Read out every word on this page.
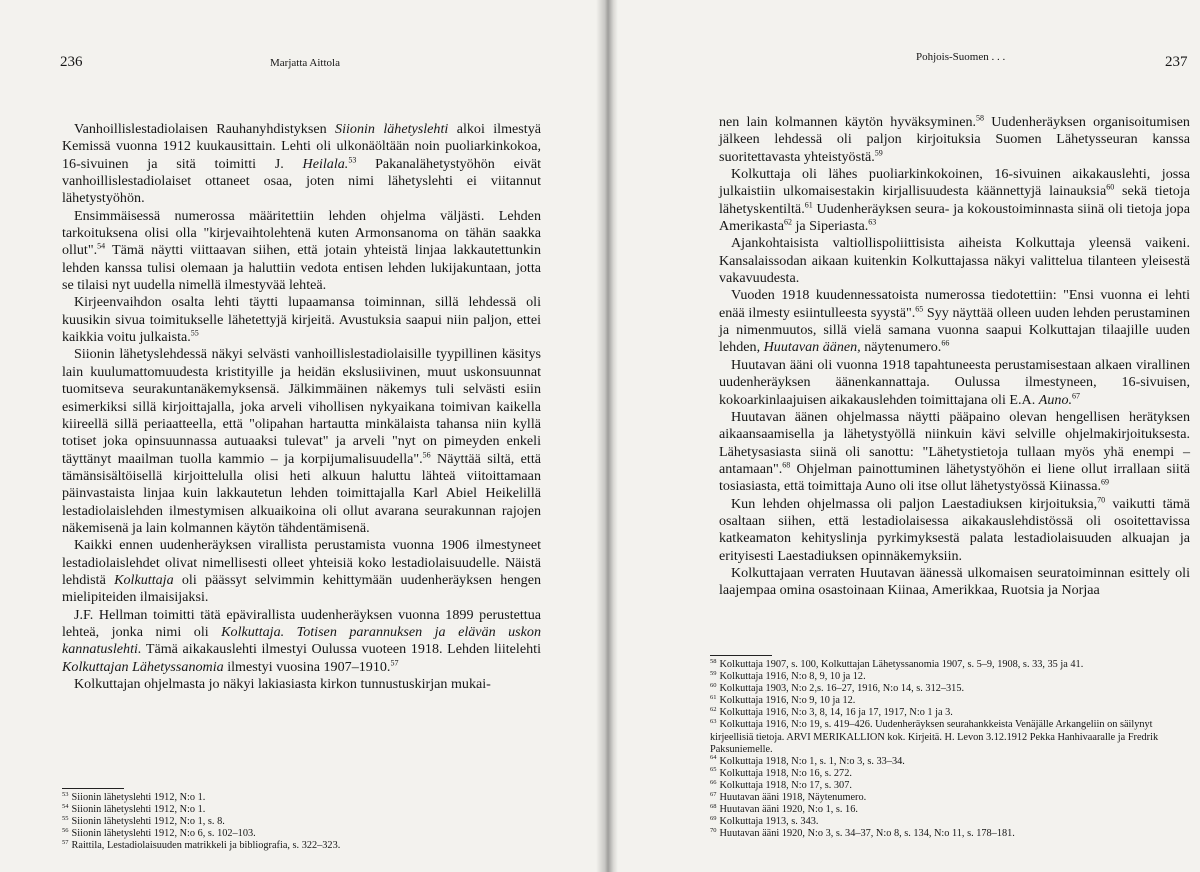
236	Marjatta Aittola

Vanhoillislestadiolaisen Rauhanyhdistyksen Siionin lähetyslehti alkoi ilmestyä Kemissä vuonna 1912 kuukausittain. Lehti oli ulkonäöltään noin puoliarkinkokoa, 16-sivuinen ja sitä toimitti J. Heilala.$^{53}$ Pakanalähetystyöhön eivät vanhoillislestadiolaiset ottaneet osaa, joten nimi lähetyslehti ei viitannut lähetystyöhön.

Ensimmäisessä numerossa määritettiin lehden ohjelma väljästi. Lehden tarkoituksena olisi olla "kirjevaihtolehtenä kuten Armonsanoma on tähän saakka ollut".$^{54}$ Tämä näytti viittaavan siihen, että jotain yhteistä linjaa lakkautettunkin lehden kanssa tulisi olemaan ja haluttiin vedota entisen lehden lukijakuntaan, jotta se tilaisi nyt uudella nimellä ilmestyvää lehteä.

Kirjeenvaihdon osalta lehti täytti lupaamansa toiminnan, sillä lehdessä oli kuusikin sivua toimitukselle lähetettyjä kirjeitä. Avustuksia saapui niin paljon, ettei kaikkia voitu julkaista.$^{55}$

Siionin lähetyslehdessä näkyi selvästi vanhoillislestadiolaisille tyypillinen käsitys lain kuulumattomuudesta kristityille ja heidän ekslusiivinen, muut uskonsuunnat tuomitseva seurakuntanäkemyksensä. Jälkimmäinen näkemys tuli selvästi esiin esimerkiksi sillä kirjoittajalla, joka arveli vihollisen nykyaikana toimivan kaikella kiireellä sillä periaatteella, että "olipahan hartautta minkälaista tahansa niin kyllä totiset joka opinsuunnassa autuaaksi tulevat" ja arveli "nyt on pimeyden enkeli täyttänyt maailman tuolla kammio – ja korpijumalisuudella".$^{56}$ Näyttää siltä, että tämänsisältöisellä kirjoittelulla olisi heti alkuun haluttu lähteä viitoittamaan päinvastaista linjaa kuin lakkautetun lehden toimittajalla Karl Abiel Heikelillä lestadiolaislehden ilmestymisen alkuaikoina oli ollut avarana seurakunnan rajojen näkemisenä ja lain kolmannen käytön tähdentämisenä.

Kaikki ennen uudenheräyksen virallista perustamista vuonna 1906 ilmestyneet lestadiolaislehdet olivat nimellisesti olleet yhteisiä koko lestadiolaisuudelle. Näistä lehdistä Kolkuttaja oli päässyt selvimmin kehittymään uudenheräyksen hengen mielipiteiden ilmaisijaksi.

J.F. Hellman toimitti tätä epävirallista uudenheräyksen vuonna 1899 perustettua lehteä, jonka nimi oli Kolkuttaja. Totisen parannuksen ja elävän uskon kannatuslehti. Tämä aikakauslehti ilmestyi Oulussa vuoteen 1918. Lehden liitelehti Kolkuttajan Lähetyssanomia ilmestyi vuosina 1907–1910.57

Kolkuttajan ohjelmasta jo näkyi lakiasiasta kirkon tunnustuskirjan mukai-

$^{53}$ Siionin lähetyslehti 1912, N:o 1.
$^{54}$ Siionin lähetyslehti 1912, N:o 1.
$^{55}$ Siionin lähetyslehti 1912, N:o 1, s. 8.
$^{56}$ Siionin lähetyslehti 1912, N:o 6, s. 102–103.
$^{57}$ Raittila, Lestadiolaisuuden matrikkeli ja bibliografia, s. 322–323.
Pohjois-Suomen . . .	237

nen lain kolmannen käytön hyväksyminen.$^{58}$ Uudenheräyksen organisoitumisen jälkeen lehdessä oli paljon kirjoituksia Suomen Lähetysseuran kanssa suoritettavasta yhteistyöstä.$^{59}$

Kolkuttaja oli lähes puoliarkinkokoinen, 16-sivuinen aikakauslehti, jossa julkaistiin ulkomaisestakin kirjallisuudesta käännettyjä lainauksia$^{60}$ sekä tietoja lähetyskentiltä.$^{61}$ Uudenheräyksen seura- ja kokoustoiminnasta siinä oli tietoja jopa Amerikasta$^{62}$ ja Siperiasta.$^{63}$

Ajankohtaisista valtiollispoliittisista aiheista Kolkuttaja yleensä vaikeni. Kansalaissodan aikaan kuitenkin Kolkuttajassa näkyi valittelua tilanteen yleisestä vakavuudesta.

Vuoden 1918 kuudennessatoista numerossa tiedotettiin: "Ensi vuonna ei lehti enää ilmesty esiintulleesta syystä".$^{65}$ Syy näyttää olleen uuden lehden perustaminen ja nimenmuutos, sillä vielä samana vuonna saapui Kolkuttajan tilaajille uuden lehden, Huutavan äänen, näytenumero.$^{66}$

Huutavan ääni oli vuonna 1918 tapahtuneesta perustamisestaan alkaen virallinen uudenheräyksen äänenkannattaja. Oulussa ilmestyneen, 16-sivuisen, kokoarkinlaajuisen aikakauslehden toimittajana oli E.A. Auno.$^{67}$

Huutavan äänen ohjelmassa näytti pääpaino olevan hengellisen herätyksen aikaansaamisella ja lähetystyöllä niinkuin kävi selville ohjelmakirjoituksesta. Lähetysasiasta siinä oli sanottu: "Lähetystietoja tullaan myös yhä enempi – antamaan".$^{68}$ Ohjelman painottuminen lähetystyöhön ei liene ollut irrallaan siitä tosiasiasta, että toimittaja Auno oli itse ollut lähetystyössä Kiinassa.$^{69}$

Kun lehden ohjelmassa oli paljon Laestadiuksen kirjoituksia,$^{70}$ vaikutti tämä osaltaan siihen, että lestadiolaisessa aikakauslehdistössä oli osoitettavissa katkeamaton kehityslinja pyrkimyksestä palata lestadiolaisuuden alkuajan ja erityisesti Laestadiuksen opinnäkemyksiin.

Kolkuttajaan verraten Huutavan äänessä ulkomaisen seuratoiminnan esittely oli laajempaa omina osastoinaan Kiinaa, Amerikkaa, Ruotsia ja Norjaa

$^{58}$ Kolkuttaja 1907, s. 100, Kolkuttajan Lähetyssanomia 1907, s. 5–9, 1908, s. 33, 35 ja 41.
$^{59}$ Kolkuttaja 1916, N:o 8, 9, 10 ja 12.
$^{60}$ Kolkuttaja 1903, N:o 2,s. 16–27, 1916, N:o 14, s. 312–315.
$^{61}$ Kolkuttaja 1916, N:o 9, 10 ja 12.
$^{62}$ Kolkuttaja 1916, N:o 3, 8, 14, 16 ja 17, 1917, N:o 1 ja 3.
$^{63}$ Kolkuttaja 1916, N:o 19, s. 419–426. Uudenheräyksen seurahankkeista Venäjälle Arkangeliin on säilynyt kirjeellisiä tietoja. ARVI MERIKALLION kok. Kirjeitä. H. Levon 3.12.1912 Pekka Hanhivaaralle ja Fredrik Paksuniemelle.
$^{64}$ Kolkuttaja 1918, N:o 1, s. 1, N:o 3, s. 33–34.
$^{65}$ Kolkuttaja 1918, N:o 16, s. 272.
$^{66}$ Kolkuttaja 1918, N:o 17, s. 307.
$^{67}$ Huutavan ääni 1918, Näytenumero.
$^{68}$ Huutavan ääni 1920, N:o 1, s. 16.
$^{69}$ Kolkuttaja 1913, s. 343.
$^{70}$ Huutavan ääni 1920, N:o 3, s. 34–37, N:o 8, s. 134, N:o 11, s. 178–181.
